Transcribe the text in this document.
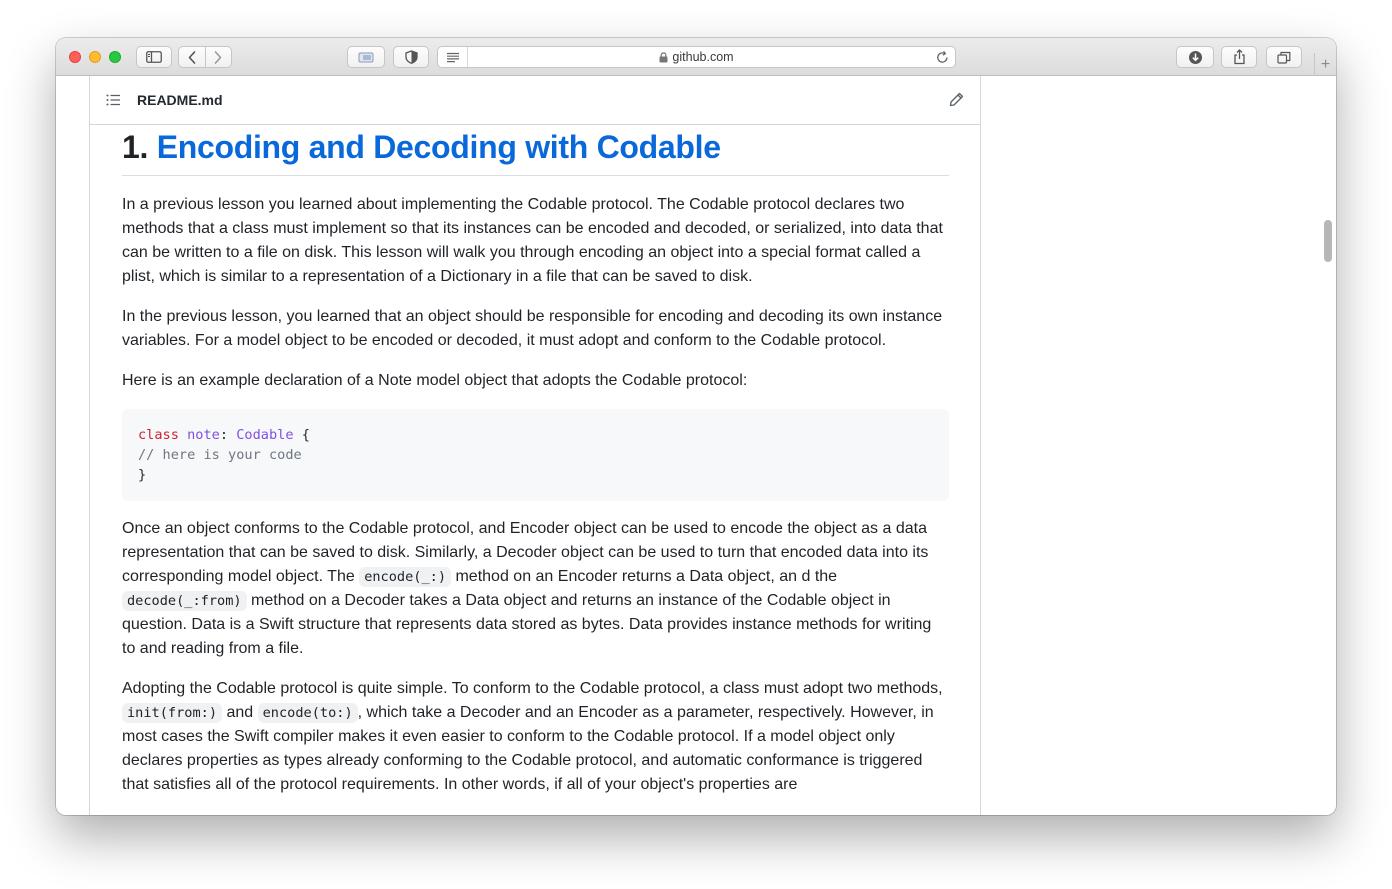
github.com	+
README.md
1. Encoding and Decoding with Codable

In a previous lesson you learned about implementing the Codable protocol. The Codable protocol declares two methods that a class must implement so that its instances can be encoded and decoded, or serialized, into data that can be written to a file on disk. This lesson will walk you through encoding an object into a special format called a plist, which is similar to a representation of a Dictionary in a file that can be saved to disk.

In the previous lesson, you learned that an object should be responsible for encoding and decoding its own instance variables. For a model object to be encoded or decoded, it must adopt and conform to the Codable protocol.

Here is an example declaration of a Note model object that adopts the Codable protocol:

class note: Codable {
// here is your code
}

Once an object conforms to the Codable protocol, and Encoder object can be used to encode the object as a data representation that can be saved to disk. Similarly, a Decoder object can be used to turn that encoded data into its corresponding model object. The encode(_:) method on an Encoder returns a Data object, an d the decode(_:from) method on a Decoder takes a Data object and returns an instance of the Codable object in question. Data is a Swift structure that represents data stored as bytes. Data provides instance methods for writing to and reading from a file.

Adopting the Codable protocol is quite simple. To conform to the Codable protocol, a class must adopt two methods, init(from:) and encode(to:) , which take a Decoder and an Encoder as a parameter, respectively. However, in most cases the Swift compiler makes it even easier to conform to the Codable protocol. If a model object only declares properties as types already conforming to the Codable protocol, and automatic conformance is triggered that satisfies all of the protocol requirements. In other words, if all of your object's properties are
